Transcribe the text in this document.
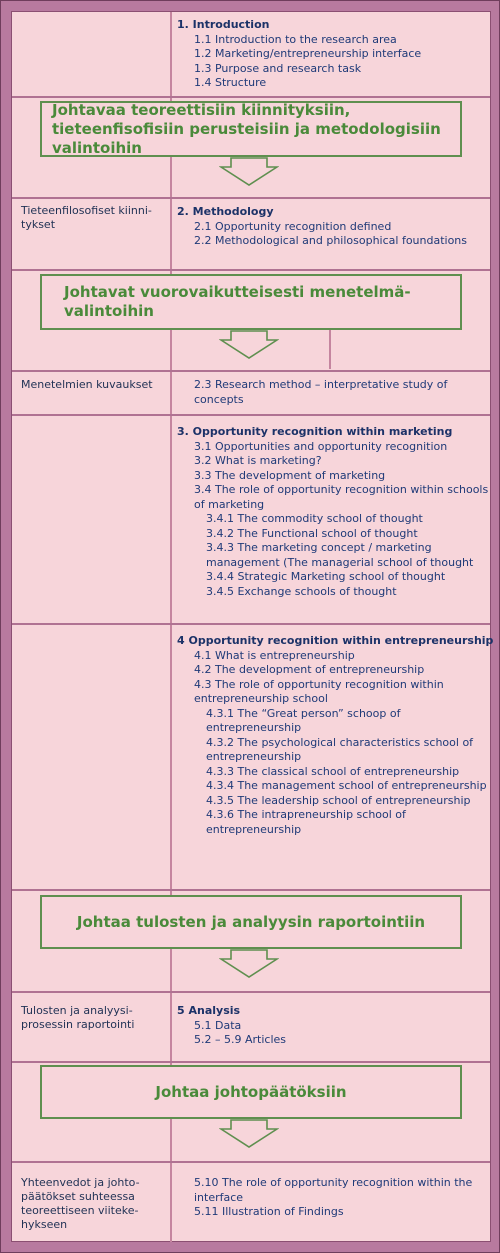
1. Introduction
1.1 Introduction to the research area
1.2 Marketing/entrepreneurship interface
1.3 Purpose and research task
1.4 Structure
Johtavaa teoreettisiin kiinnityksiin, tieteenfisofisiin perusteisiin ja metodologisiin valintoihin
Tieteenfilosofiset kiinni-tykset
2. Methodology
2.1 Opportunity recognition defined
2.2 Methodological and philosophical foundations
Johtavat vuorovaikutteisesti menetelmä-valintoihin
Menetelmien kuvaukset	2.3 Research method – interpretative study of concepts
3. Opportunity recognition within marketing
3.1 Opportunities and opportunity recognition
3.2 What is marketing?
3.3 The development of marketing
3.4 The role of opportunity recognition within schools of marketing
3.4.1 The commodity school of thought
3.4.2 The Functional school of thought
3.4.3 The marketing concept / marketing management (The managerial school of thought
3.4.4 Strategic Marketing school of thought
3.4.5 Exchange schools of thought
4 Opportunity recognition within entrepreneurship
4.1 What is entrepreneurship
4.2 The development of entrepreneurship
4.3 The role of opportunity recognition within entrepreneurship school
4.3.1 The “Great person” schoop of entrepreneurship
4.3.2 The psychological characteristics school of entrepreneurship
4.3.3 The classical school of entrepreneurship
4.3.4 The management school of entrepreneurship
4.3.5 The leadership school of entrepreneurship
4.3.6 The intrapreneurship school of entrepreneurship
Johtaa tulosten ja analyysin raportointiin
Tulosten ja analyysi-prosessin raportointi
5 Analysis
5.1 Data
5.2 – 5.9 Articles
Johtaa johtopäätöksiin
Yhteenvedot ja johto-päätökset suhteessa teoreettiseen viiteke-hykseen
5.10 The role of opportunity recognition within the interface
5.11 Illustration of Findings
